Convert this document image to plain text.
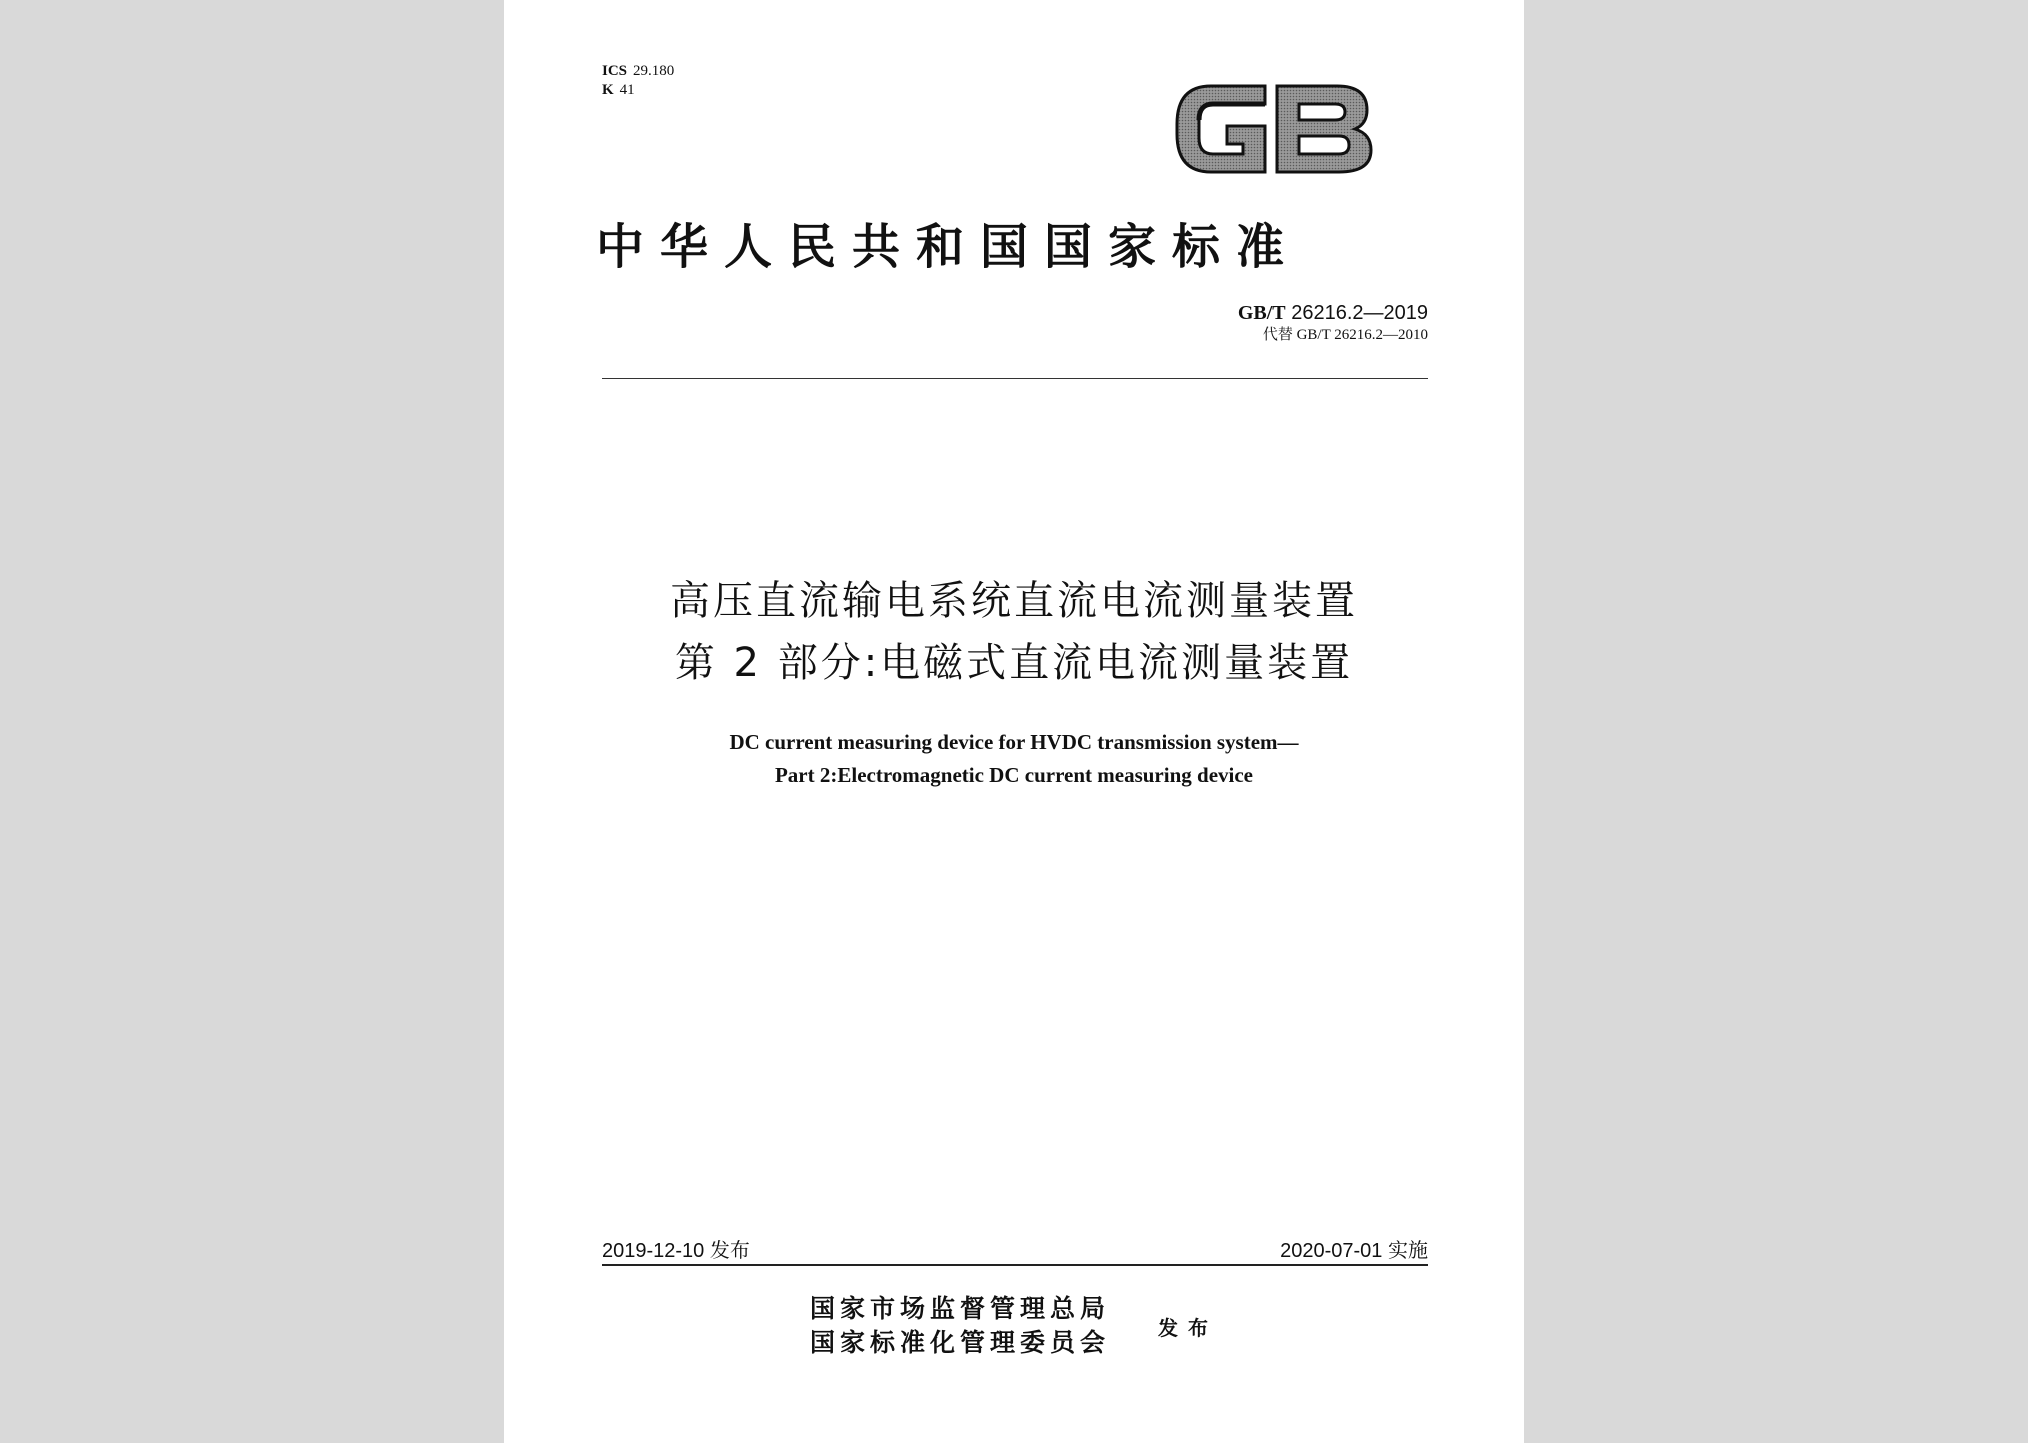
ICS 29.180
K 41
中华人民共和国国家标准
GB/T 26216.2—2019
代替 GB/T 26216.2—2010
高压直流输电系统直流电流测量装置
第 2 部分:电磁式直流电流测量装置
DC current measuring device for HVDC transmission system—
Part 2:Electromagnetic DC current measuring device
2019-12-10 发布	2020-07-01 实施
国家市场监督管理总局
国家标准化管理委员会 发布
